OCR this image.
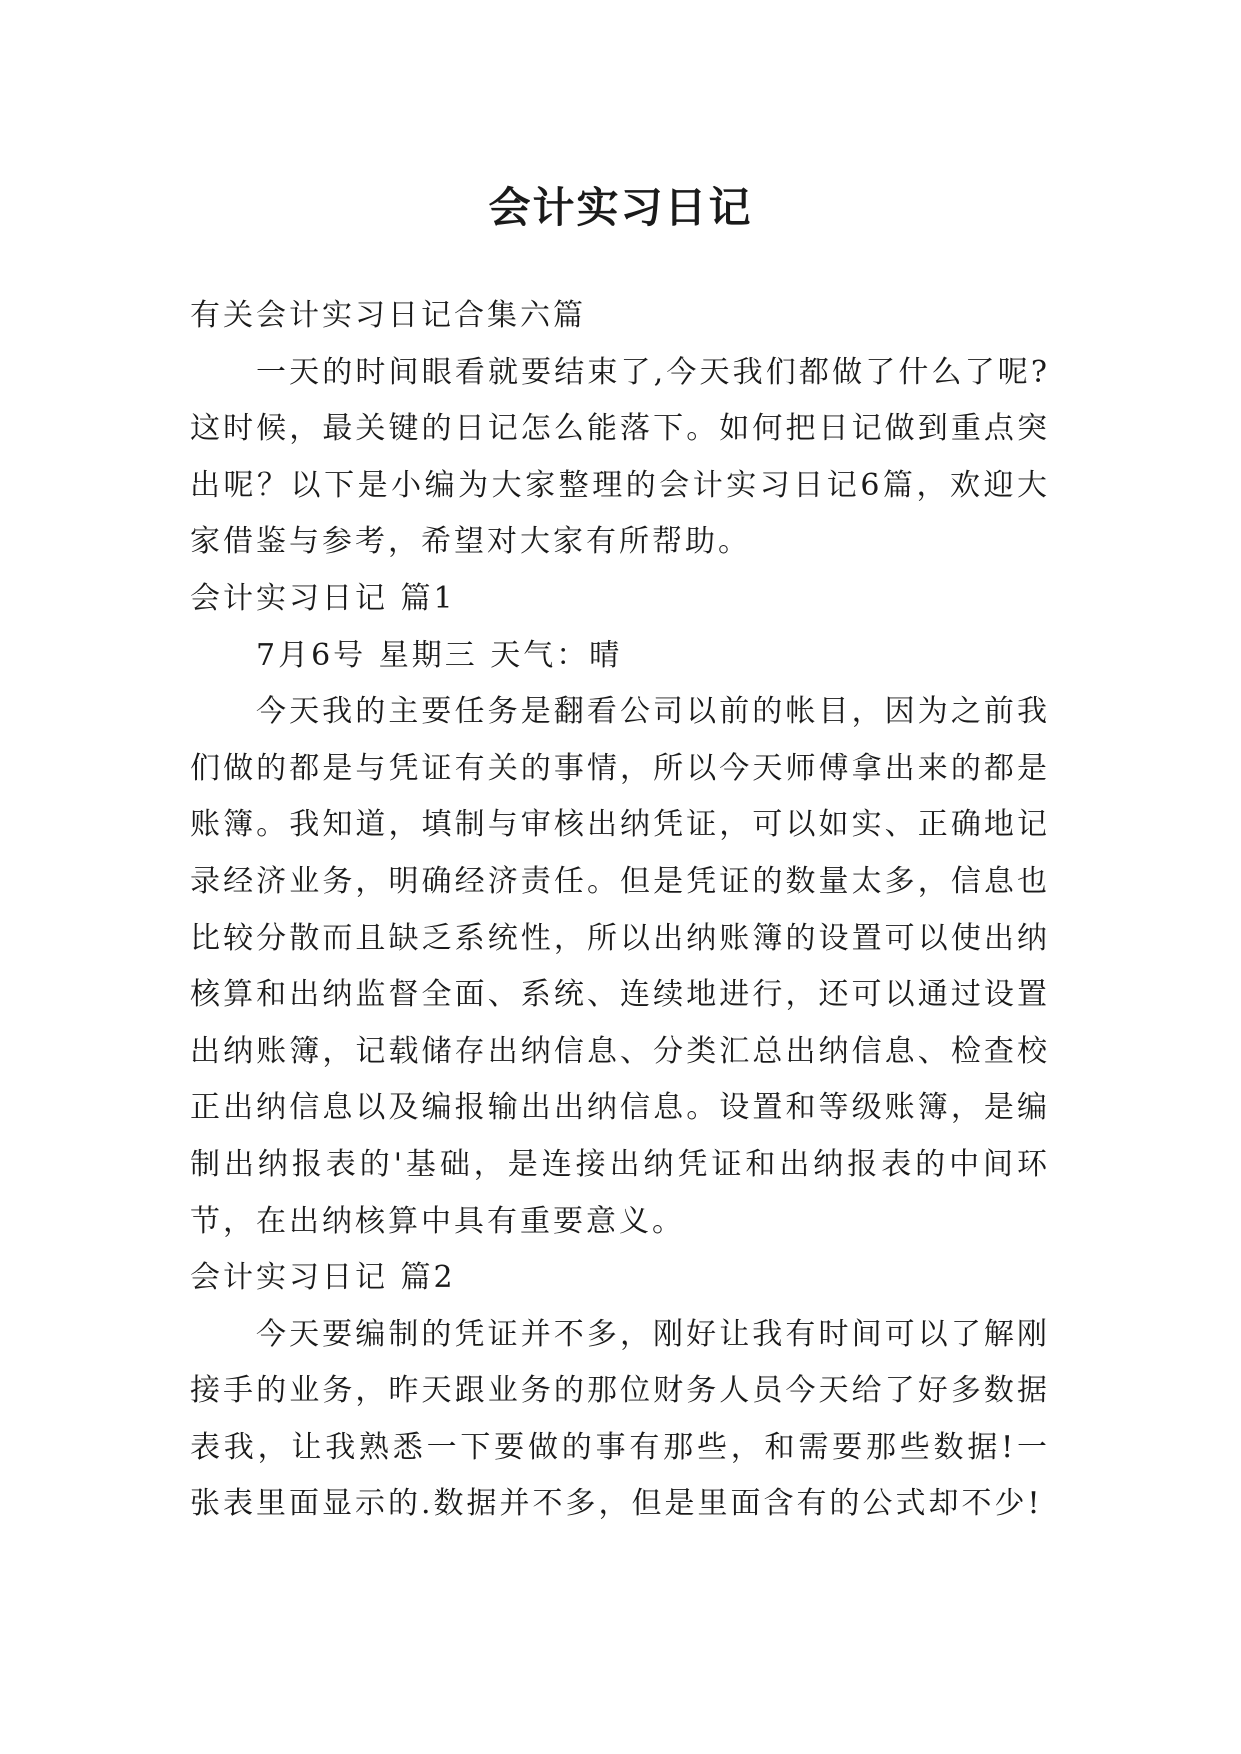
会计实习日记

有关会计实习日记合集六篇

一天的时间眼看就要结束了,今天我们都做了什么了呢?这时候，最关键的日记怎么能落下。如何把日记做到重点突出呢？以下是小编为大家整理的会计实习日记6篇，欢迎大家借鉴与参考，希望对大家有所帮助。

会计实习日记 篇1

7月6号 星期三 天气：晴

今天我的主要任务是翻看公司以前的帐目，因为之前我们做的都是与凭证有关的事情，所以今天师傅拿出来的都是账簿。我知道，填制与审核出纳凭证，可以如实、正确地记录经济业务，明确经济责任。但是凭证的数量太多，信息也比较分散而且缺乏系统性，所以出纳账簿的设置可以使出纳核算和出纳监督全面、系统、连续地进行，还可以通过设置出纳账簿，记载储存出纳信息、分类汇总出纳信息、检查校正出纳信息以及编报输出出纳信息。设置和等级账簿，是编制出纳报表的'基础，是连接出纳凭证和出纳报表的中间环节，在出纳核算中具有重要意义。

会计实习日记 篇2

今天要编制的凭证并不多，刚好让我有时间可以了解刚接手的业务，昨天跟业务的那位财务人员今天给了好多数据表我，让我熟悉一下要做的事有那些，和需要那些数据!一张表里面显示的.数据并不多，但是里面含有的公式却不少!
